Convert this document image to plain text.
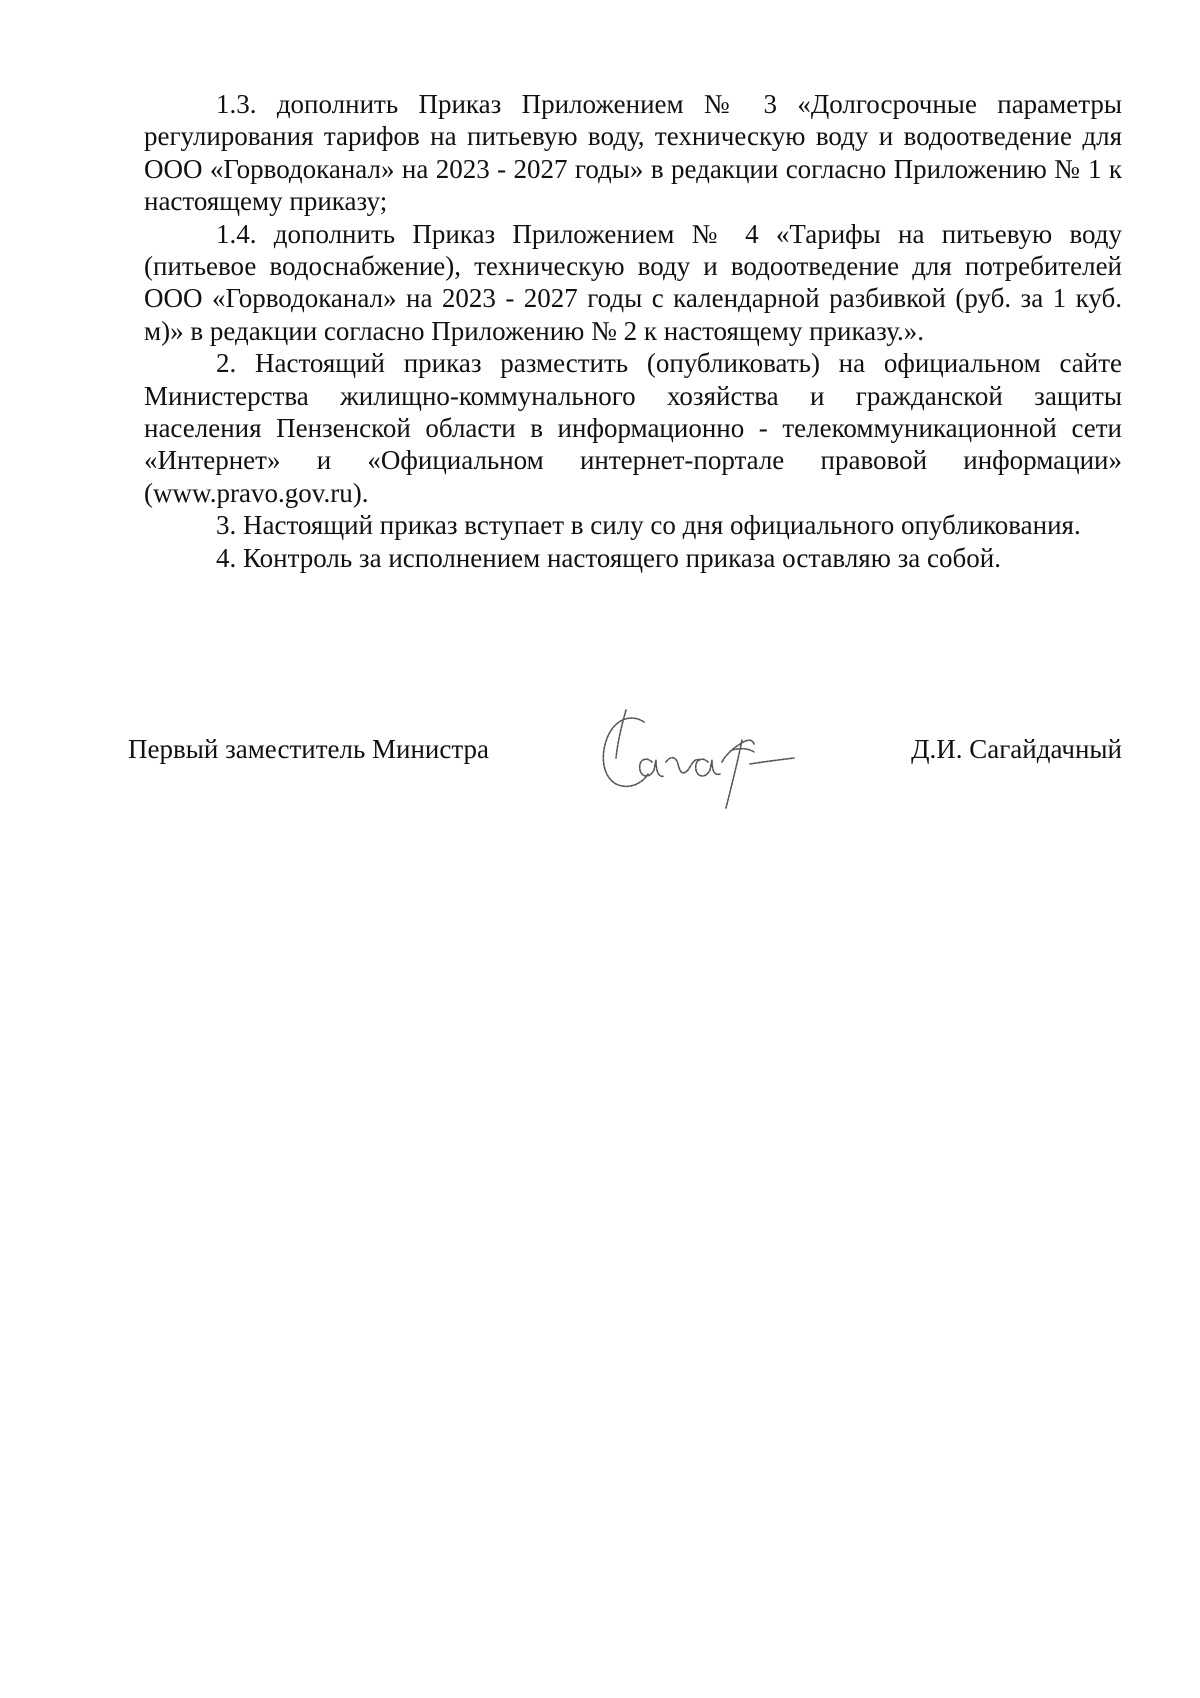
1.3. дополнить Приказ Приложением № 3 «Долгосрочные параметры регулирования тарифов на питьевую воду, техническую воду и водоотведение для ООО «Горводоканал» на 2023 - 2027 годы» в редакции согласно Приложению № 1 к настоящему приказу;

1.4. дополнить Приказ Приложением № 4 «Тарифы на питьевую воду (питьевое водоснабжение), техническую воду и водоотведение для потребителей ООО «Горводоканал» на 2023 - 2027 годы с календарной разбивкой (руб. за 1 куб. м)» в редакции согласно Приложению № 2 к настоящему приказу.».

2. Настоящий приказ разместить (опубликовать) на официальном сайте Министерства жилищно-коммунального хозяйства и гражданской защиты населения Пензенской области в информационно - телекоммуникационной сети «Интернет» и «Официальном интернет-портале правовой информации» (www.pravo.gov.ru).

3. Настоящий приказ вступает в силу со дня официального опубликования.

4. Контроль за исполнением настоящего приказа оставляю за собой.

Первый заместитель Министра	Д.И. Сагайдачный
